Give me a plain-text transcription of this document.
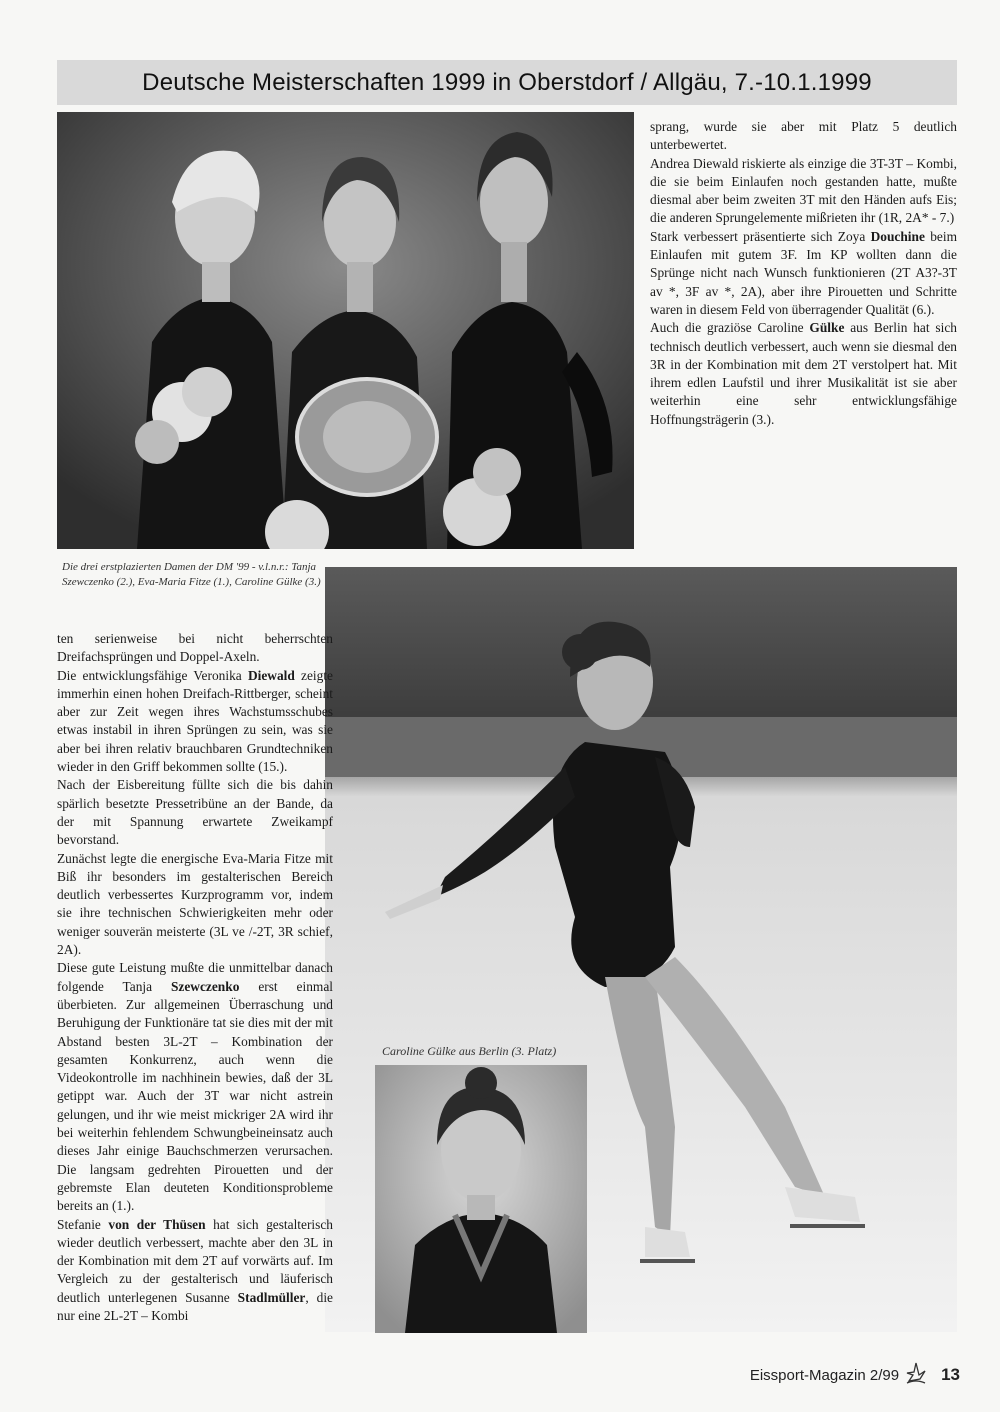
Deutsche Meisterschaften 1999 in Oberstdorf / Allgäu, 7.-10.1.1999

sprang, wurde sie aber mit Platz 5 deutlich unterbewertet.

Andrea Diewald riskierte als einzige die 3T-3T – Kombi, die sie beim Einlaufen noch gestanden hatte, mußte diesmal aber beim zweiten 3T mit den Händen aufs Eis; die anderen Sprungelemente mißrieten ihr (1R, 2A* - 7.)

Stark verbessert präsentierte sich Zoya Douchine beim Einlaufen mit gutem 3F. Im KP wollten dann die Sprünge nicht nach Wunsch funktionieren (2T A3?-3T av *, 3F av *, 2A), aber ihre Pirouetten und Schritte waren in diesem Feld von überragender Qualität (6.).

Auch die graziöse Caroline Gülke aus Berlin hat sich technisch deutlich verbessert, auch wenn sie diesmal den 3R in der Kombination mit dem 2T verstolpert hat. Mit ihrem edlen Laufstil und ihrer Musikalität ist sie aber weiterhin eine sehr entwicklungsfähige Hoffnungsträgerin (3.).

Die drei erstplazierten Damen der DM '99 - v.l.n.r.: Tanja Szewczenko (2.), Eva-Maria Fitze (1.), Caroline Gülke (3.)
Caroline Gülke aus Berlin (3. Platz)

ten serienweise bei nicht beherrschten Dreifachsprüngen und Doppel-Axeln.

Die entwicklungsfähige Veronika Diewald zeigte immerhin einen hohen Dreifach-Rittberger, scheint aber zur Zeit wegen ihres Wachstumsschubes etwas instabil in ihren Sprüngen zu sein, was sie aber bei ihren relativ brauchbaren Grundtechniken wieder in den Griff bekommen sollte (15.).

Nach der Eisbereitung füllte sich die bis dahin spärlich besetzte Pressetribüne an der Bande, da der mit Spannung erwartete Zweikampf bevorstand.

Zunächst legte die energische Eva-Maria Fitze mit Biß ihr besonders im gestalterischen Bereich deutlich verbessertes Kurzprogramm vor, indem sie ihre technischen Schwierigkeiten mehr oder weniger souverän meisterte (3L ve /-2T, 3R schief, 2A).

Diese gute Leistung mußte die unmittelbar danach folgende Tanja Szewczenko erst einmal überbieten. Zur allgemeinen Überraschung und Beruhigung der Funktionäre tat sie dies mit der mit Abstand besten 3L-2T – Kombination der gesamten Konkurrenz, auch wenn die Videokontrolle im nachhinein bewies, daß der 3L getippt war. Auch der 3T war nicht astrein gelungen, und ihr wie meist mickriger 2A wird ihr bei weiterhin fehlendem Schwungbeineinsatz auch dieses Jahr einige Bauchschmerzen verursachen. Die langsam gedrehten Pirouetten und der gebremste Elan deuteten Konditionsprobleme bereits an (1.).

Stefanie von der Thüsen hat sich gestalterisch wieder deutlich verbessert, machte aber den 3L in der Kombination mit dem 2T auf vorwärts auf. Im Vergleich zu der gestalterisch und läuferisch deutlich unterlegenen Susanne Stadlmüller, die nur eine 2L-2T – Kombi

Eissport-Magazin 2/99 13
